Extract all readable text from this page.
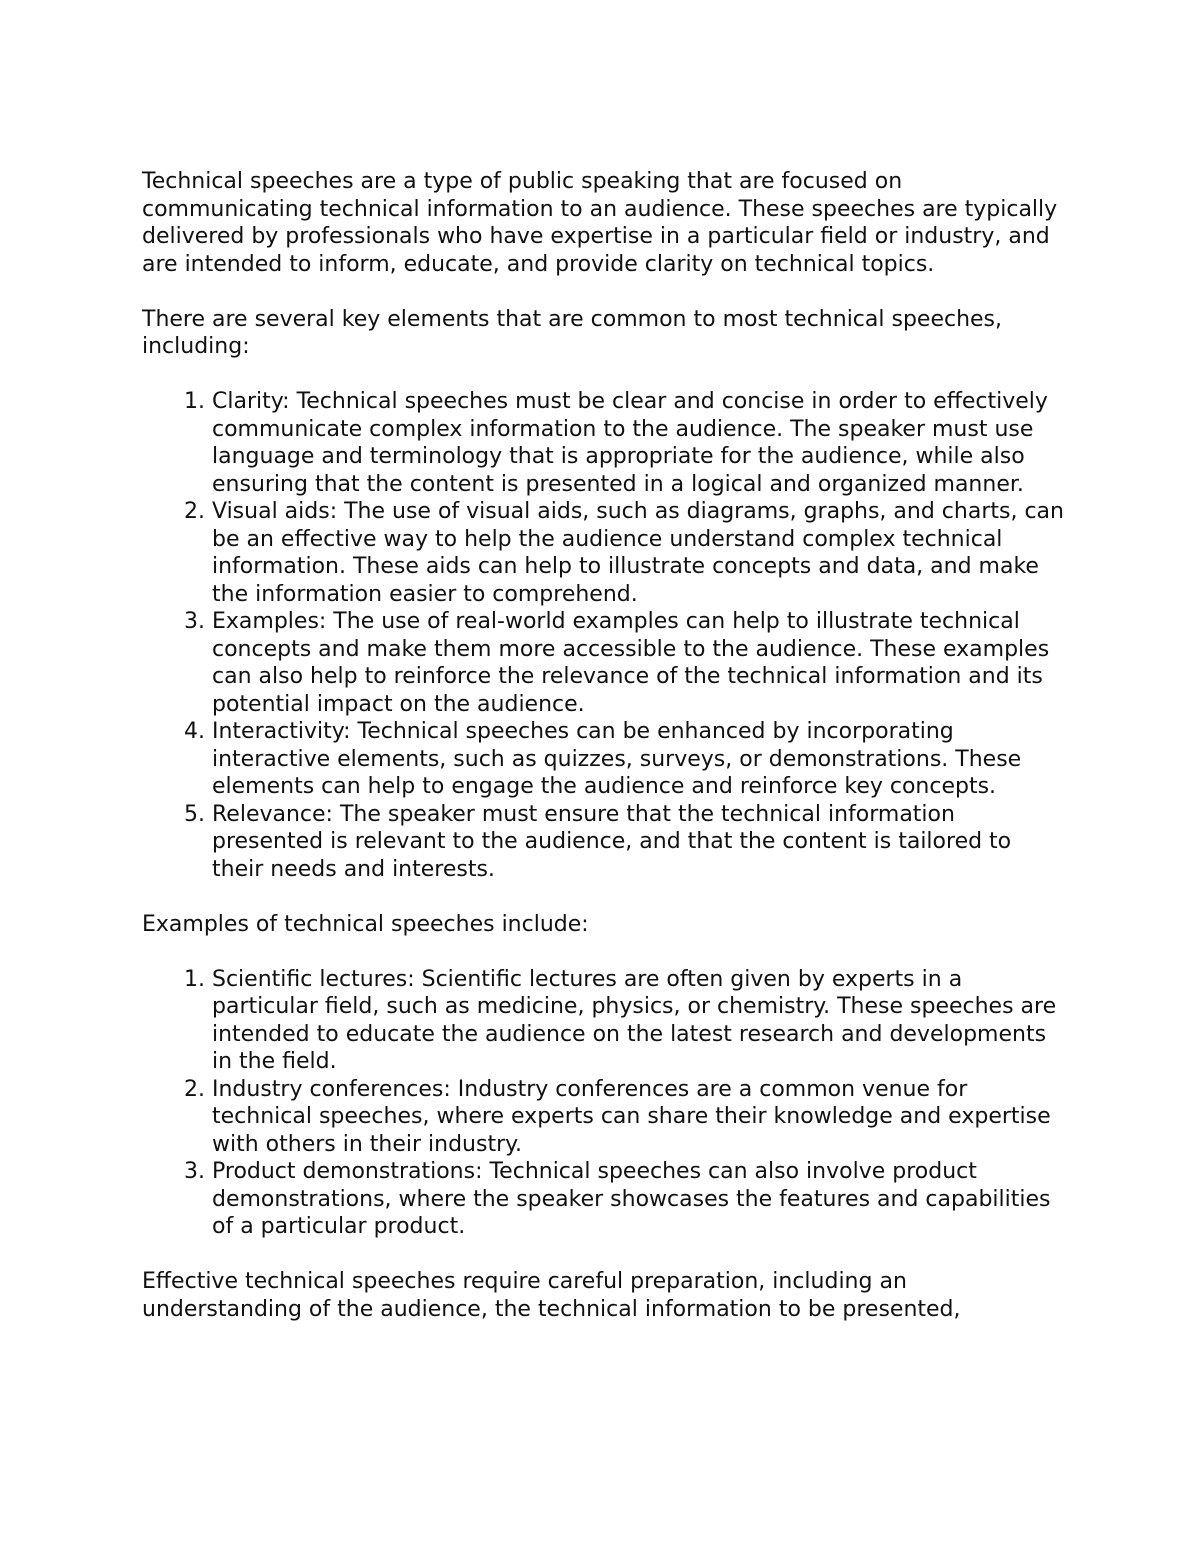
Technical speeches are a type of public speaking that are focused on communicating technical information to an audience. These speeches are typically delivered by professionals who have expertise in a particular field or industry, and are intended to inform, educate, and provide clarity on technical topics.

There are several key elements that are common to most technical speeches, including:

1. Clarity: Technical speeches must be clear and concise in order to effectively communicate complex information to the audience. The speaker must use language and terminology that is appropriate for the audience, while also ensuring that the content is presented in a logical and organized manner.
2. Visual aids: The use of visual aids, such as diagrams, graphs, and charts, can be an effective way to help the audience understand complex technical information. These aids can help to illustrate concepts and data, and make the information easier to comprehend.
3. Examples: The use of real-world examples can help to illustrate technical concepts and make them more accessible to the audience. These examples can also help to reinforce the relevance of the technical information and its potential impact on the audience.
4. Interactivity: Technical speeches can be enhanced by incorporating interactive elements, such as quizzes, surveys, or demonstrations. These elements can help to engage the audience and reinforce key concepts.
5. Relevance: The speaker must ensure that the technical information presented is relevant to the audience, and that the content is tailored to their needs and interests.

Examples of technical speeches include:

1. Scientific lectures: Scientific lectures are often given by experts in a particular field, such as medicine, physics, or chemistry. These speeches are intended to educate the audience on the latest research and developments in the field.
2. Industry conferences: Industry conferences are a common venue for technical speeches, where experts can share their knowledge and expertise with others in their industry.
3. Product demonstrations: Technical speeches can also involve product demonstrations, where the speaker showcases the features and capabilities of a particular product.

Effective technical speeches require careful preparation, including an understanding of the audience, the technical information to be presented,
